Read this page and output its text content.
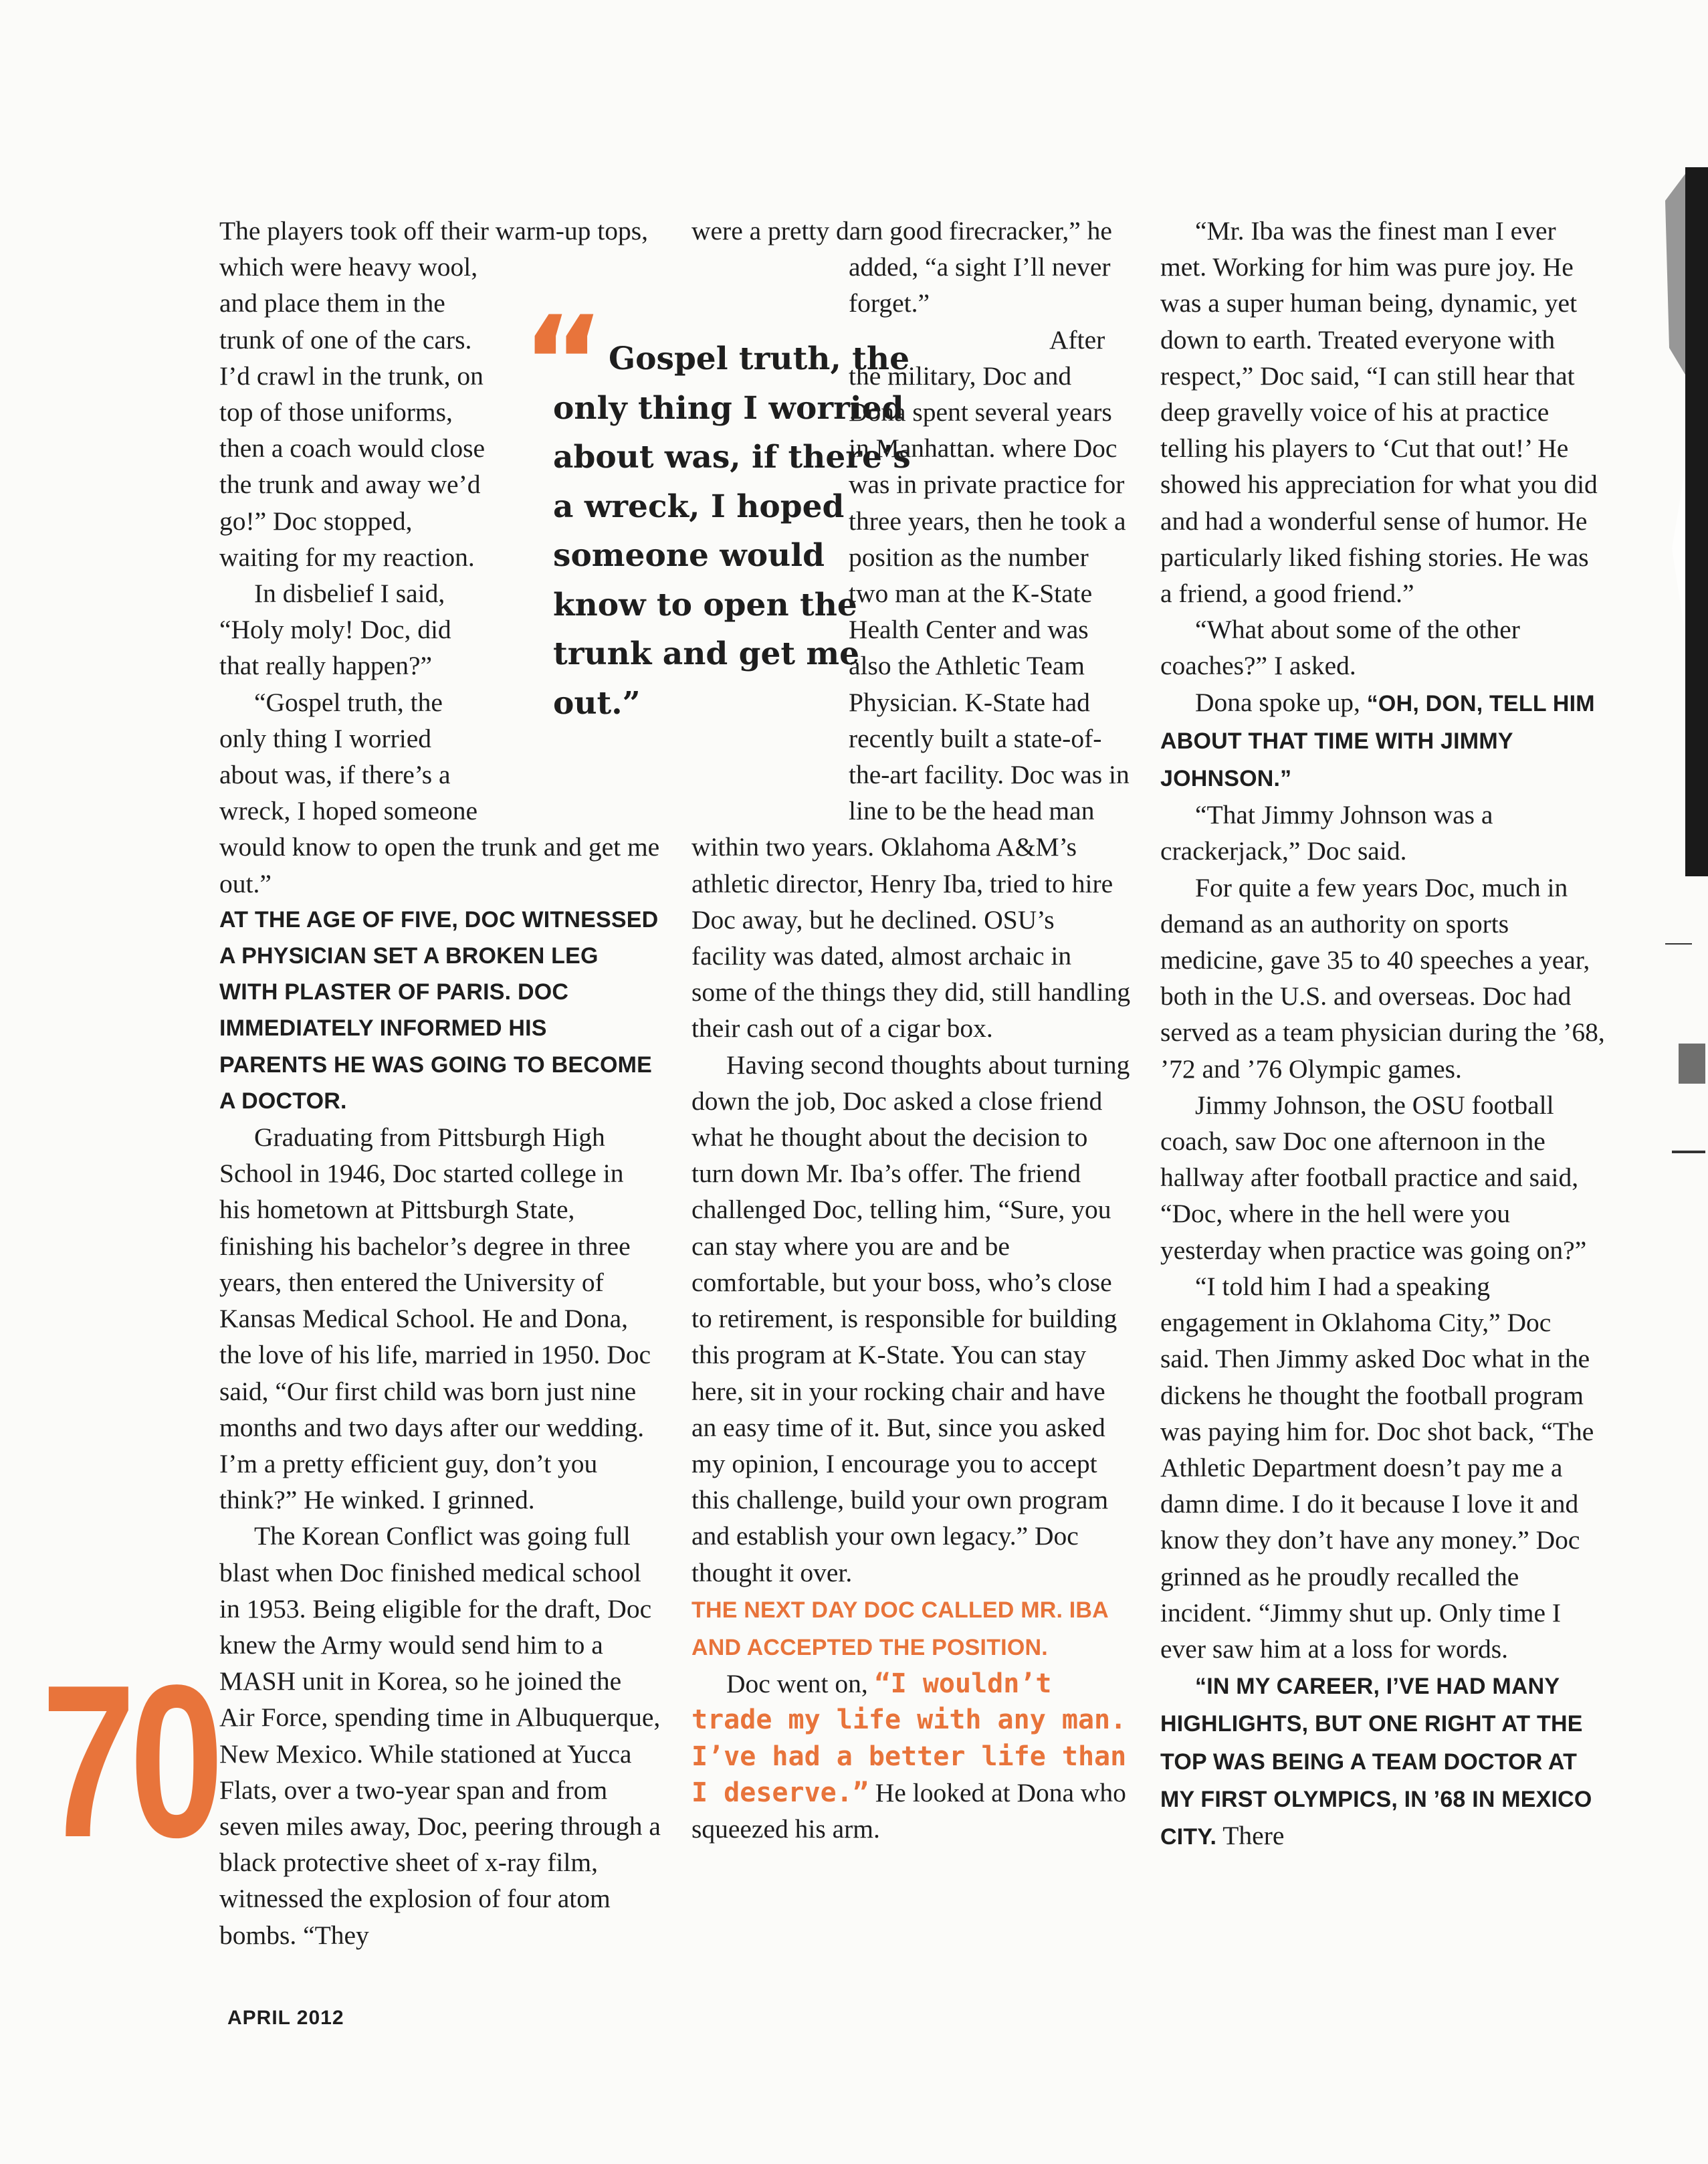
The players took off their warm-up tops, which were heavy wool, and place them in the trunk of one of the cars. I’d crawl in the trunk, on top of those uniforms, then a coach would close the trunk and away we’d go!” Doc stopped, waiting for my reaction.

In disbelief I said, “Holy moly! Doc, did that really happen?”

“Gospel truth, the only thing I worried about was, if there’s a wreck, I hoped someone would know to open the trunk and get me out.”

AT THE AGE OF FIVE, DOC WITNESSED A PHYSICIAN SET A BROKEN LEG WITH PLASTER OF PARIS. DOC IMMEDIATELY INFORMED HIS PARENTS HE WAS GOING TO BECOME A DOCTOR.

Graduating from Pittsburgh High School in 1946, Doc started college in his hometown at Pittsburgh State, finishing his bachelor’s degree in three years, then entered the University of Kansas Medical School. He and Dona, the love of his life, married in 1950. Doc said, “Our first child was born just nine months and two days after our wedding. I’m a pretty efficient guy, don’t you think?” He winked. I grinned.

The Korean Conflict was going full blast when Doc finished medical school in 1953. Being eligible for the draft, Doc knew the Army would send him to a MASH unit in Korea, so he joined the Air Force, spending time in Albuquerque, New Mexico. While stationed at Yucca Flats, over a two-year span and from seven miles away, Doc, peering through a black protective sheet of x-ray film, witnessed the explosion of four atom bombs. “They

were a pretty darn good firecracker,” he added, “a sight I’ll never forget.”

After the military, Doc and Dona spent several years in Manhattan. where Doc was in private practice for three years, then he took a position as the number two man at the K-State Health Center and was also the Athletic Team Physician. K-State had recently built a state-of-the-art facility. Doc was in line to be the head man within two years. Oklahoma A&M’s athletic director, Henry Iba, tried to hire Doc away, but he declined. OSU’s facility was dated, almost archaic in some of the things they did, still handling their cash out of a cigar box.

Having second thoughts about turning down the job, Doc asked a close friend what he thought about the decision to turn down Mr. Iba’s offer. The friend challenged Doc, telling him, “Sure, you can stay where you are and be comfortable, but your boss, who’s close to retirement, is responsible for building this program at K-State. You can stay here, sit in your rocking chair and have an easy time of it. But, since you asked my opinion, I encourage you to accept this challenge, build your own program and establish your own legacy.” Doc thought it over.

THE NEXT DAY DOC CALLED MR. IBA AND ACCEPTED THE POSITION.

Doc went on, “I wouldn’t trade my life with any man. I’ve had a better life than I deserve.” He looked at Dona who squeezed his arm.

“Mr. Iba was the finest man I ever met. Working for him was pure joy. He was a super human being, dynamic, yet down to earth. Treated everyone with respect,” Doc said, “I can still hear that deep gravelly voice of his at practice telling his players to ‘Cut that out!’ He showed his appreciation for what you did and had a wonderful sense of humor. He particularly liked fishing stories. He was a friend, a good friend.”

“What about some of the other coaches?” I asked.

Dona spoke up, “OH, DON, TELL HIM ABOUT THAT TIME WITH JIMMY JOHNSON.”

“That Jimmy Johnson was a crackerjack,” Doc said.

For quite a few years Doc, much in demand as an authority on sports medicine, gave 35 to 40 speeches a year, both in the U.S. and overseas. Doc had served as a team physician during the ’68, ’72 and ’76 Olympic games.

Jimmy Johnson, the OSU football coach, saw Doc one afternoon in the hallway after football practice and said, “Doc, where in the hell were you yesterday when practice was going on?”

“I told him I had a speaking engagement in Oklahoma City,” Doc said. Then Jimmy asked Doc what in the dickens he thought the football program was paying him for. Doc shot back, “The Athletic Department doesn’t pay me a damn dime. I do it because I love it and know they don’t have any money.” Doc grinned as he proudly recalled the incident. “Jimmy shut up. Only time I ever saw him at a loss for words.

“IN MY CAREER, I’VE HAD MANY HIGHLIGHTS, BUT ONE RIGHT AT THE TOP WAS BEING A TEAM DOCTOR AT MY FIRST OLYMPICS, IN ’68 IN MEXICO CITY. There

“ Gospel truth, the only thing I worried about was, if there’s a wreck, I hoped someone would know to open the trunk and get me out.”

70
APRIL 2012
